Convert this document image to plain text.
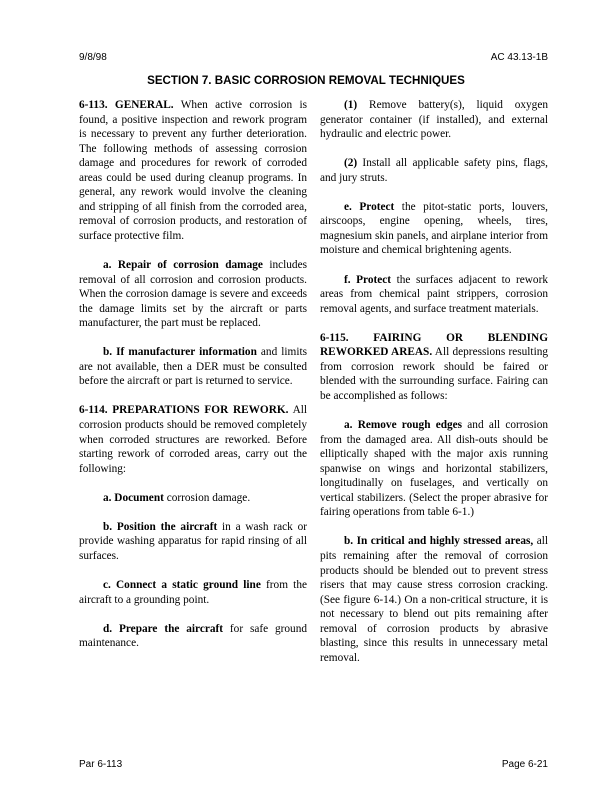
9/8/98	AC 43.13-1B
SECTION 7. BASIC CORROSION REMOVAL TECHNIQUES

6-113. GENERAL. When active corrosion is found, a positive inspection and rework program is necessary to prevent any further deterioration. The following methods of assessing corrosion damage and procedures for rework of corroded areas could be used during cleanup programs. In general, any rework would involve the cleaning and stripping of all finish from the corroded area, removal of corrosion products, and restoration of surface protective film.

a. Repair of corrosion damage includes removal of all corrosion and corrosion products. When the corrosion damage is severe and exceeds the damage limits set by the aircraft or parts manufacturer, the part must be replaced.

b. If manufacturer information and limits are not available, then a DER must be consulted before the aircraft or part is returned to service.

6-114. PREPARATIONS FOR REWORK. All corrosion products should be removed completely when corroded structures are reworked. Before starting rework of corroded areas, carry out the following:

a. Document corrosion damage.

b. Position the aircraft in a wash rack or provide washing apparatus for rapid rinsing of all surfaces.

c. Connect a static ground line from the aircraft to a grounding point.

d. Prepare the aircraft for safe ground maintenance.

(1) Remove battery(s), liquid oxygen generator container (if installed), and external hydraulic and electric power.

(2) Install all applicable safety pins, flags, and jury struts.

e. Protect the pitot-static ports, louvers, airscoops, engine opening, wheels, tires, magnesium skin panels, and airplane interior from moisture and chemical brightening agents.

f. Protect the surfaces adjacent to rework areas from chemical paint strippers, corrosion removal agents, and surface treatment materials.

6-115. FAIRING OR BLENDING REWORKED AREAS. All depressions resulting from corrosion rework should be faired or blended with the surrounding surface. Fairing can be accomplished as follows:

a. Remove rough edges and all corrosion from the damaged area. All dish-outs should be elliptically shaped with the major axis running spanwise on wings and horizontal stabilizers, longitudinally on fuselages, and vertically on vertical stabilizers. (Select the proper abrasive for fairing operations from table 6-1.)

b. In critical and highly stressed areas, all pits remaining after the removal of corrosion products should be blended out to prevent stress risers that may cause stress corrosion cracking. (See figure 6-14.) On a non-critical structure, it is not necessary to blend out pits remaining after removal of corrosion products by abrasive blasting, since this results in unnecessary metal removal.

Par 6-113	Page 6-21
